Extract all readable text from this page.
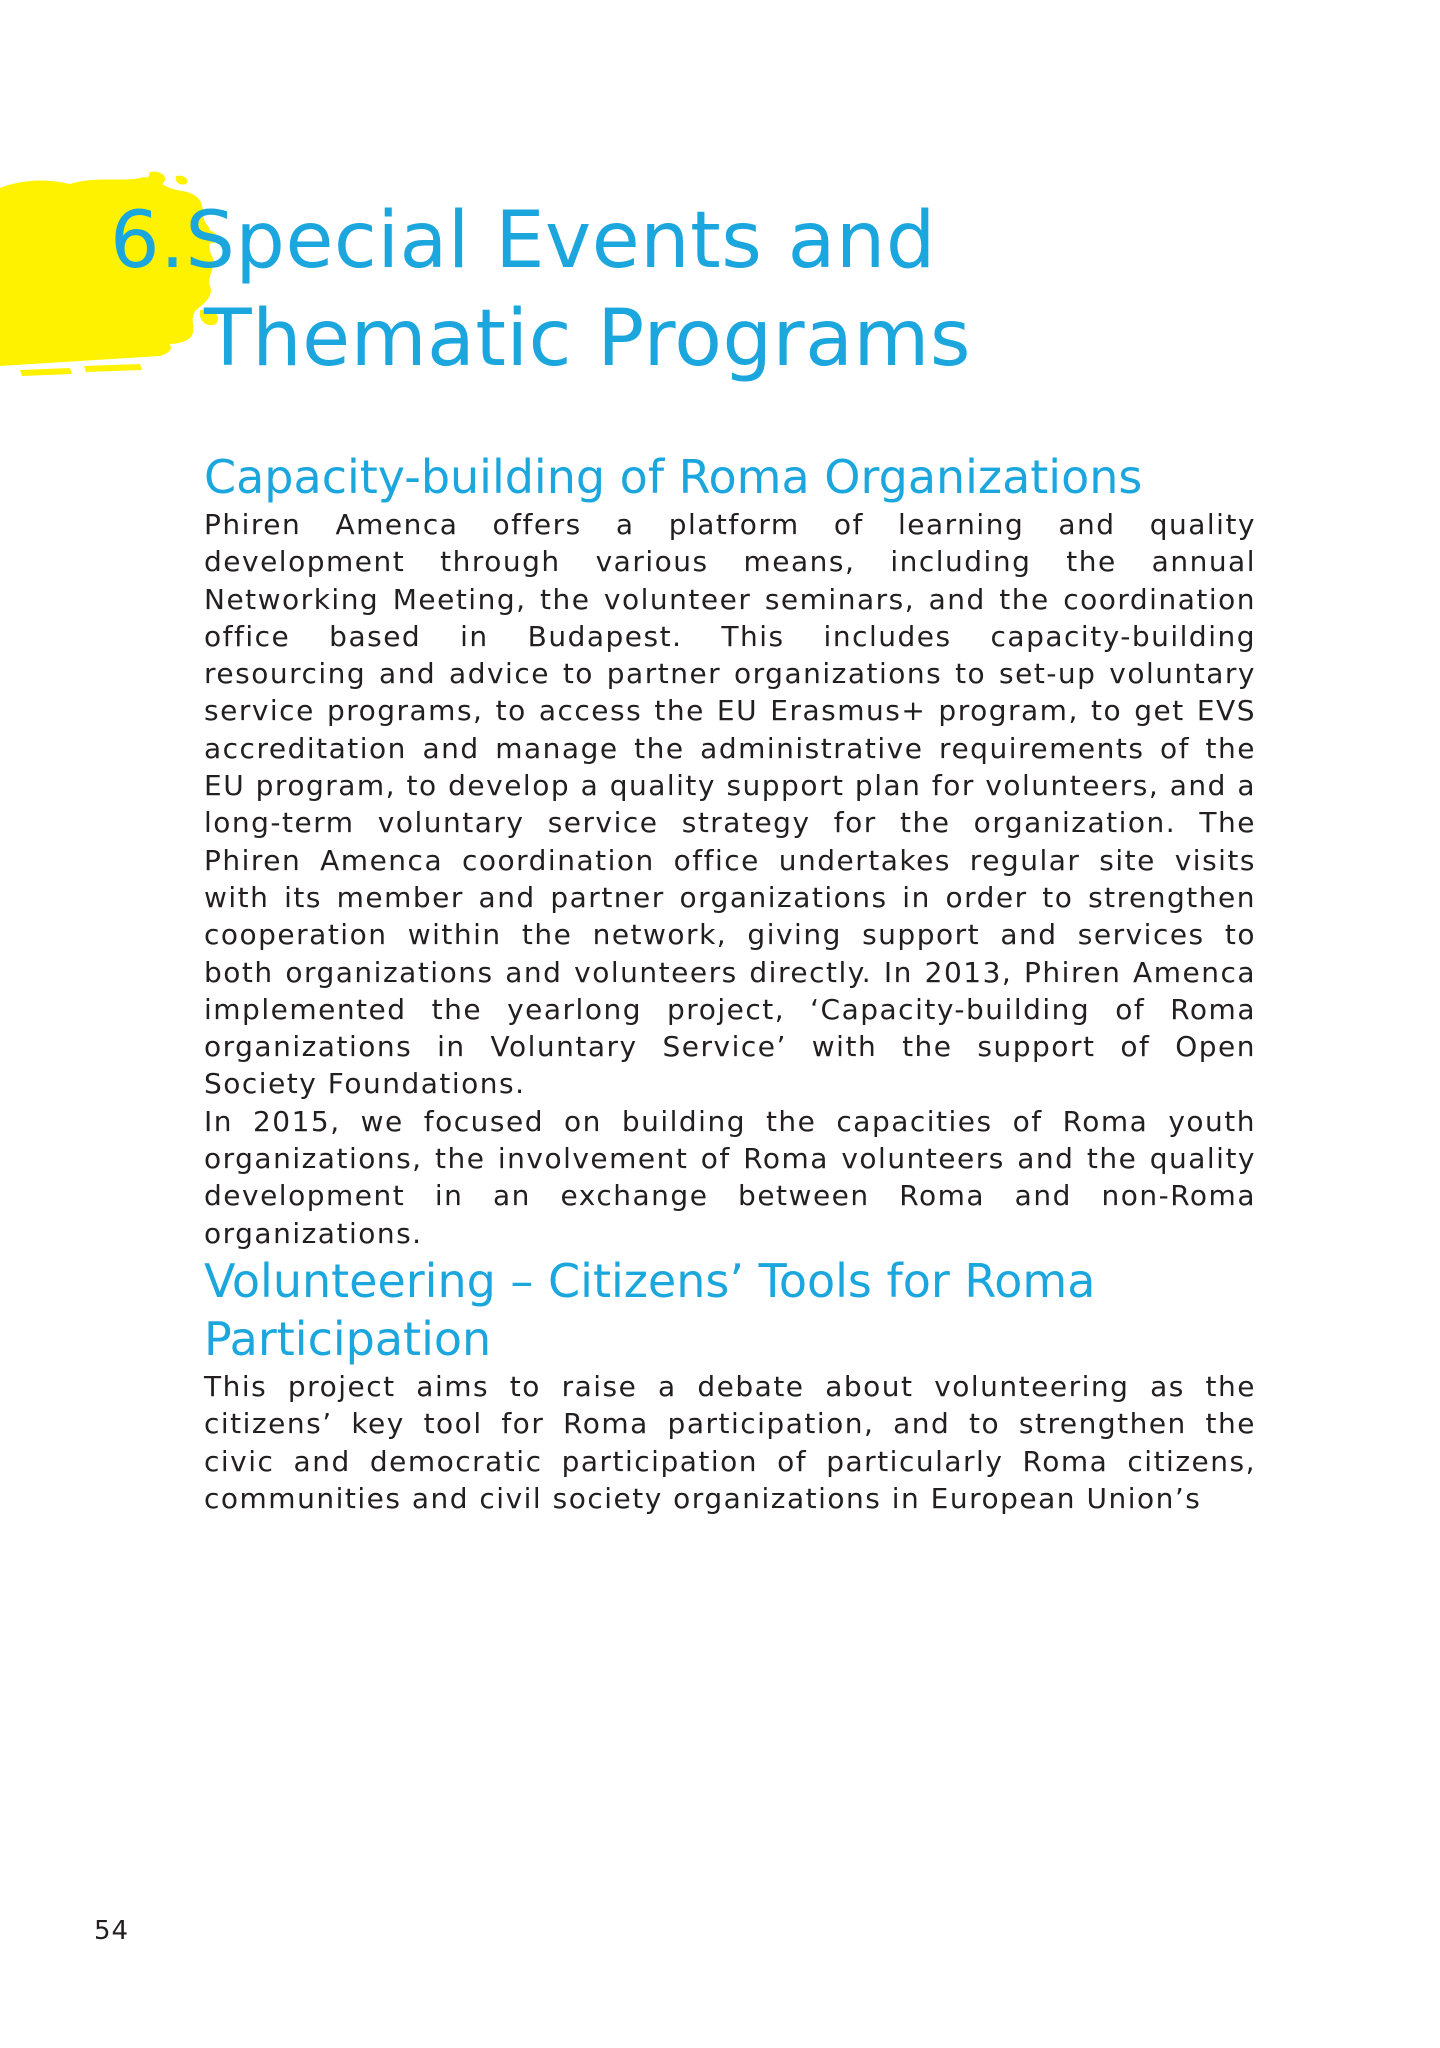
6.Special Events and
Thematic Programs
Capacity-building of Roma Organizations

Phiren Amenca offers a platform of learning and quality development through various means, including the annual Networking Meeting, the volunteer seminars, and the coordination office based in Budapest. This includes capacity-building resourcing and advice to partner organizations to set-up voluntary service programs, to access the EU Erasmus+ program, to get EVS accreditation and manage the administrative requirements of the EU program, to develop a quality support plan for volunteers, and a long-term voluntary service strategy for the organization. The Phiren Amenca coordination office undertakes regular site visits with its member and partner organizations in order to strengthen cooperation within the network, giving support and services to both organizations and volunteers directly. In 2013, Phiren Amenca implemented the yearlong project, ‘Capacity-building of Roma organizations in Voluntary Service’ with the support of Open Society Foundations.

In 2015, we focused on building the capacities of Roma youth organizations, the involvement of Roma volunteers and the quality development in an exchange between Roma and non-Roma organizations.

Volunteering – Citizens’ Tools for Roma Participation

This project aims to raise a debate about volunteering as the citizens’ key tool for Roma participation, and to strengthen the civic and democratic participation of particularly Roma citizens, communities and civil society organizations in European Union’s

54
